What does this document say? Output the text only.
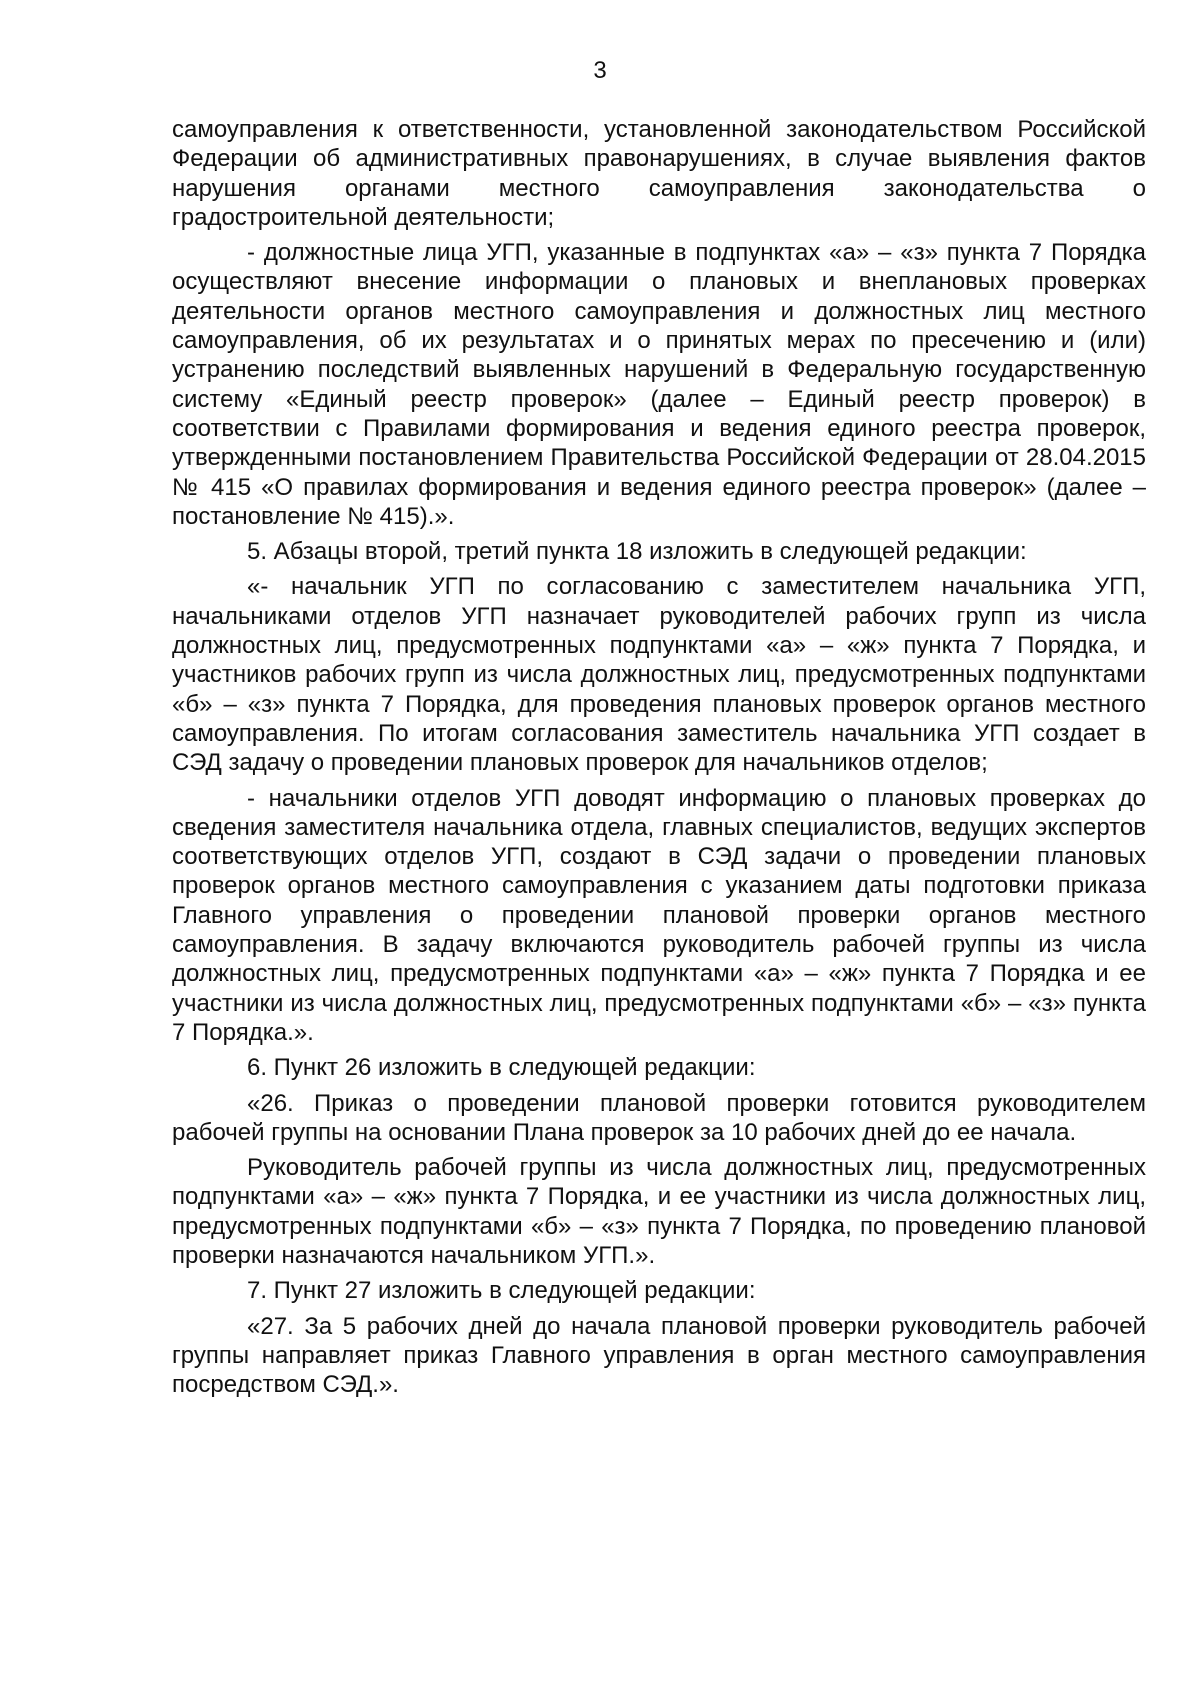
3

самоуправления к ответственности, установленной законодательством Российской Федерации об административных правонарушениях, в случае выявления фактов нарушения органами местного самоуправления законодательства о градостроительной деятельности;

- должностные лица УГП, указанные в подпунктах «а» – «з» пункта 7 Порядка осуществляют внесение информации о плановых и внеплановых проверках деятельности органов местного самоуправления и должностных лиц местного самоуправления, об их результатах и о принятых мерах по пресечению и (или) устранению последствий выявленных нарушений в Федеральную государственную систему «Единый реестр проверок» (далее – Единый реестр проверок) в соответствии с Правилами формирования и ведения единого реестра проверок, утвержденными постановлением Правительства Российской Федерации от 28.04.2015 № 415 «О правилах формирования и ведения единого реестра проверок» (далее – постановление № 415).».

5. Абзацы второй, третий пункта 18 изложить в следующей редакции:

«- начальник УГП по согласованию с заместителем начальника УГП, начальниками отделов УГП назначает руководителей рабочих групп из числа должностных лиц, предусмотренных подпунктами «а» – «ж» пункта 7 Порядка, и участников рабочих групп из числа должностных лиц, предусмотренных подпунктами «б» – «з» пункта 7 Порядка, для проведения плановых проверок органов местного самоуправления. По итогам согласования заместитель начальника УГП создает в СЭД задачу о проведении плановых проверок для начальников отделов;

- начальники отделов УГП доводят информацию о плановых проверках до сведения заместителя начальника отдела, главных специалистов, ведущих экспертов соответствующих отделов УГП, создают в СЭД задачи о проведении плановых проверок органов местного самоуправления с указанием даты подготовки приказа Главного управления о проведении плановой проверки органов местного самоуправления. В задачу включаются руководитель рабочей группы из числа должностных лиц, предусмотренных подпунктами «а» – «ж» пункта 7 Порядка и ее участники из числа должностных лиц, предусмотренных подпунктами «б» – «з» пункта 7 Порядка.».

6. Пункт 26 изложить в следующей редакции:

«26. Приказ о проведении плановой проверки готовится руководителем рабочей группы на основании Плана проверок за 10 рабочих дней до ее начала.

Руководитель рабочей группы из числа должностных лиц, предусмотренных подпунктами «а» – «ж» пункта 7 Порядка, и ее участники из числа должностных лиц, предусмотренных подпунктами «б» – «з» пункта 7 Порядка, по проведению плановой проверки назначаются начальником УГП.».

7. Пункт 27 изложить в следующей редакции:

«27. За 5 рабочих дней до начала плановой проверки руководитель рабочей группы направляет приказ Главного управления в орган местного самоуправления посредством СЭД.».
